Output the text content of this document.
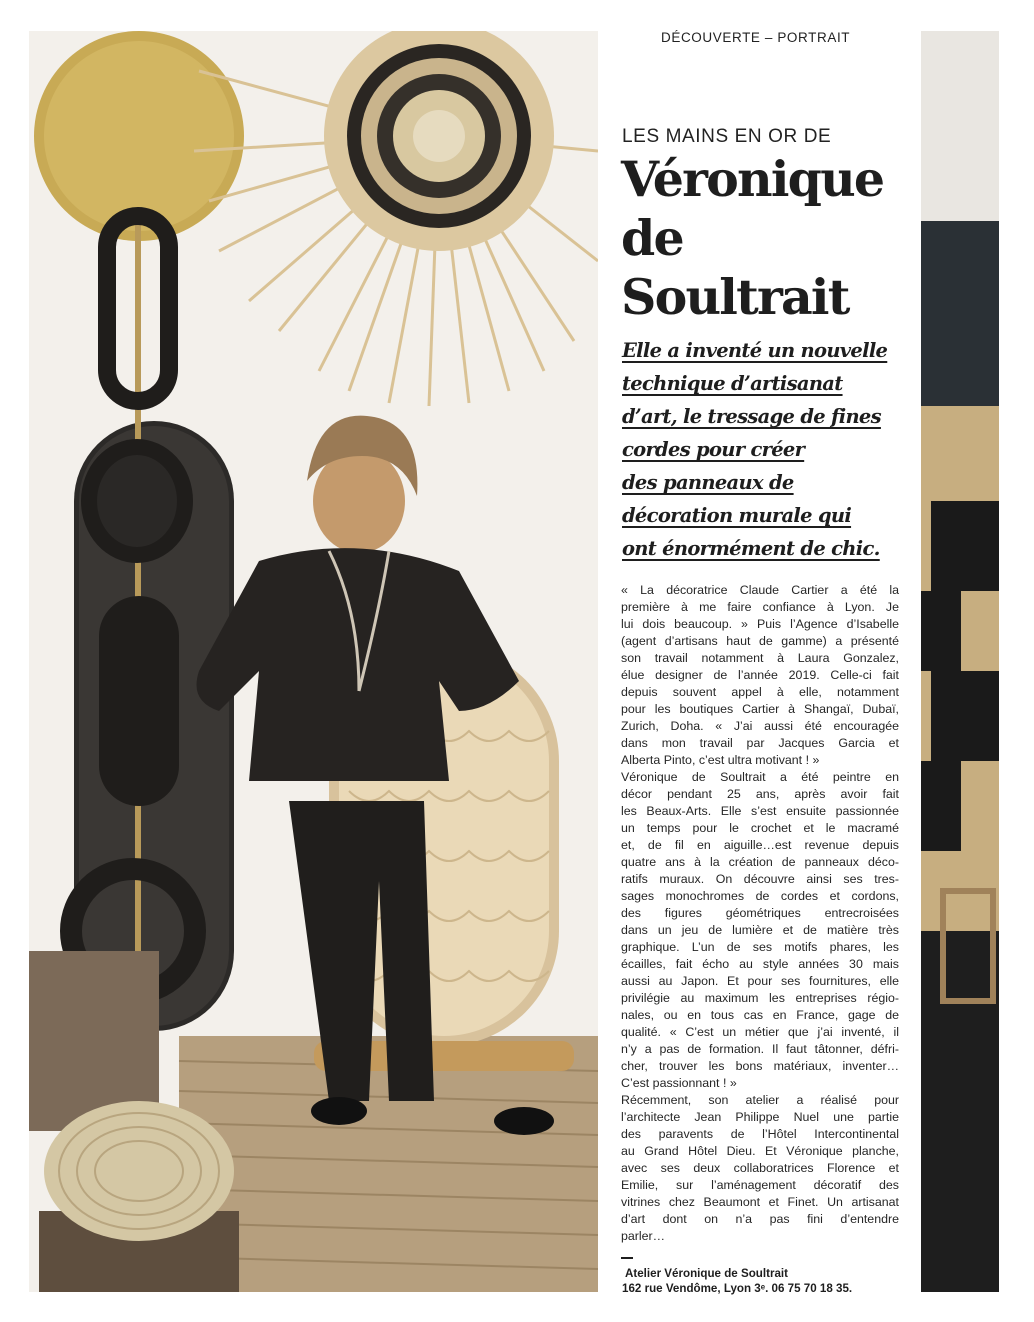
DÉCOUVERTE – PORTRAIT
LES MAINS EN OR DE
Véronique
de
Soultrait
Elle a inventé un nouvelle
technique d’artisanat
d’art, le tressage de fines
cordes pour créer
des panneaux de
décoration murale qui
ont énormément de chic.
« La décoratrice Claude Cartier a été la
première à me faire confiance à Lyon. Je
lui dois beaucoup. » Puis l’Agence d’Isabelle
(agent d’artisans haut de gamme) a présenté
son travail notamment à Laura Gonzalez,
élue designer de l’année 2019. Celle-ci fait
depuis souvent appel à elle, notamment
pour les boutiques Cartier à Shangaï, Dubaï,
Zurich, Doha. « J’ai aussi été encouragée
dans mon travail par Jacques Garcia et
Alberta Pinto, c’est ultra motivant ! »
Véronique de Soultrait a été peintre en
décor pendant 25 ans, après avoir fait
les Beaux-Arts. Elle s’est ensuite passionnée
un temps pour le crochet et le macramé
et, de fil en aiguille…est revenue depuis
quatre ans à la création de panneaux déco-
ratifs muraux. On découvre ainsi ses tres-
sages monochromes de cordes et cordons,
des figures géométriques entrecroisées
dans un jeu de lumière et de matière très
graphique. L’un de ses motifs phares, les
écailles, fait écho au style années 30 mais
aussi au Japon. Et pour ses fournitures, elle
privilégie au maximum les entreprises régio-
nales, ou en tous cas en France, gage de
qualité. « C’est un métier que j’ai inventé, il
n’y a pas de formation. Il faut tâtonner, défri-
cher, trouver les bons matériaux, inventer…
C’est passionnant ! »
Récemment, son atelier a réalisé pour
l’architecte Jean Philippe Nuel une partie
des paravents de l’Hôtel Intercontinental
au Grand Hôtel Dieu. Et Véronique planche,
avec ses deux collaboratrices Florence et
Emilie, sur l’aménagement décoratif des
vitrines chez Beaumont et Finet. Un artisanat
d’art dont on n’a pas fini d’entendre
parler…
Atelier Véronique de Soultrait
162 rue Vendôme, Lyon 3ᵉ. 06 75 70 18 35.
